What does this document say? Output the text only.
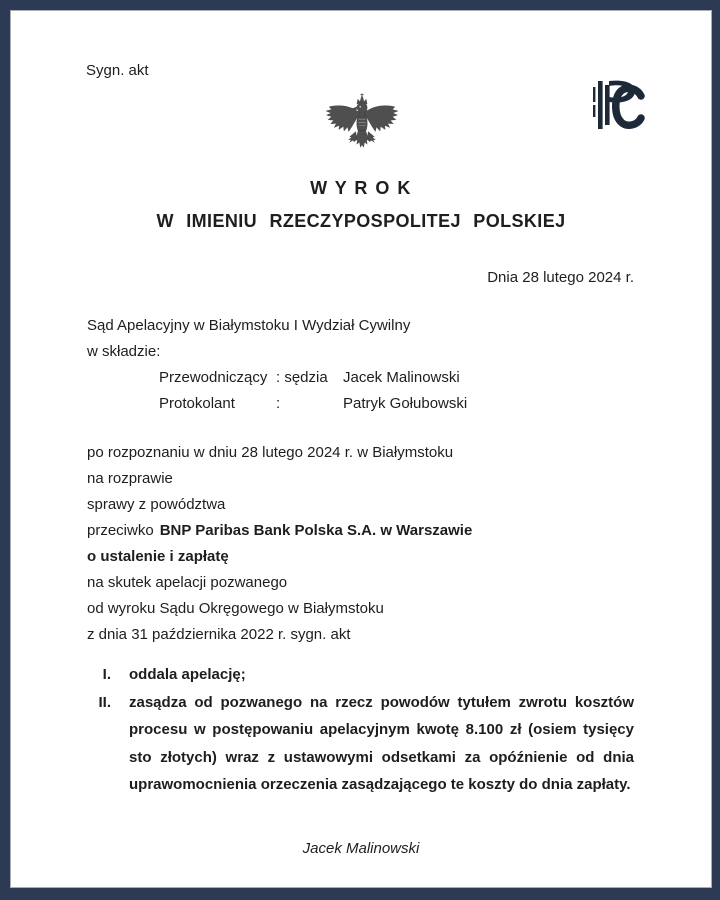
Sygn. akt
W Y R O K
W IMIENIU RZECZYPOSPOLITEJ POLSKIEJ
Dnia 28 lutego 2024 r.
Sąd Apelacyjny w Białymstoku I Wydział Cywilny
w składzie:
Przewodniczący : sędzia	Jacek Malinowski
Protokolant	:	Patryk Gołubowski
po rozpoznaniu w dniu 28 lutego 2024 r. w Białymstoku
na rozprawie
sprawy z powództwa
przeciwko BNP Paribas Bank Polska S.A. w Warszawie
o ustalenie i zapłatę
na skutek apelacji pozwanego
od wyroku Sądu Okręgowego w Białymstoku
z dnia 31 października 2022 r. sygn. akt
I. oddala apelację;
II. zasądza od pozwanego na rzecz powodów tytułem zwrotu kosztów procesu w postępowaniu apelacyjnym kwotę 8.100 zł (osiem tysięcy sto złotych) wraz z ustawowymi odsetkami za opóźnienie od dnia uprawomocnienia orzeczenia zasądzającego te koszty do dnia zapłaty.
Jacek Malinowski
